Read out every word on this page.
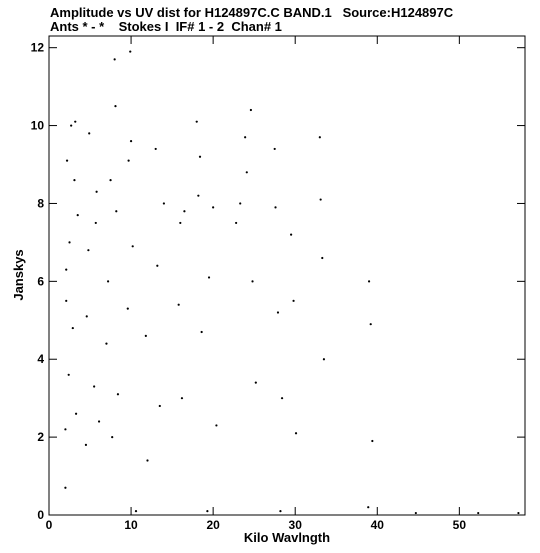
Amplitude vs UV dist for H124897C.C BAND.1   Source:H124897C
Ants * - *    Stokes I  IF# 1 - 2  Chan# 1
0	10	20	30	40	50
0
2
4
6
8
10
12
Kilo Wavlngth
Janskys
